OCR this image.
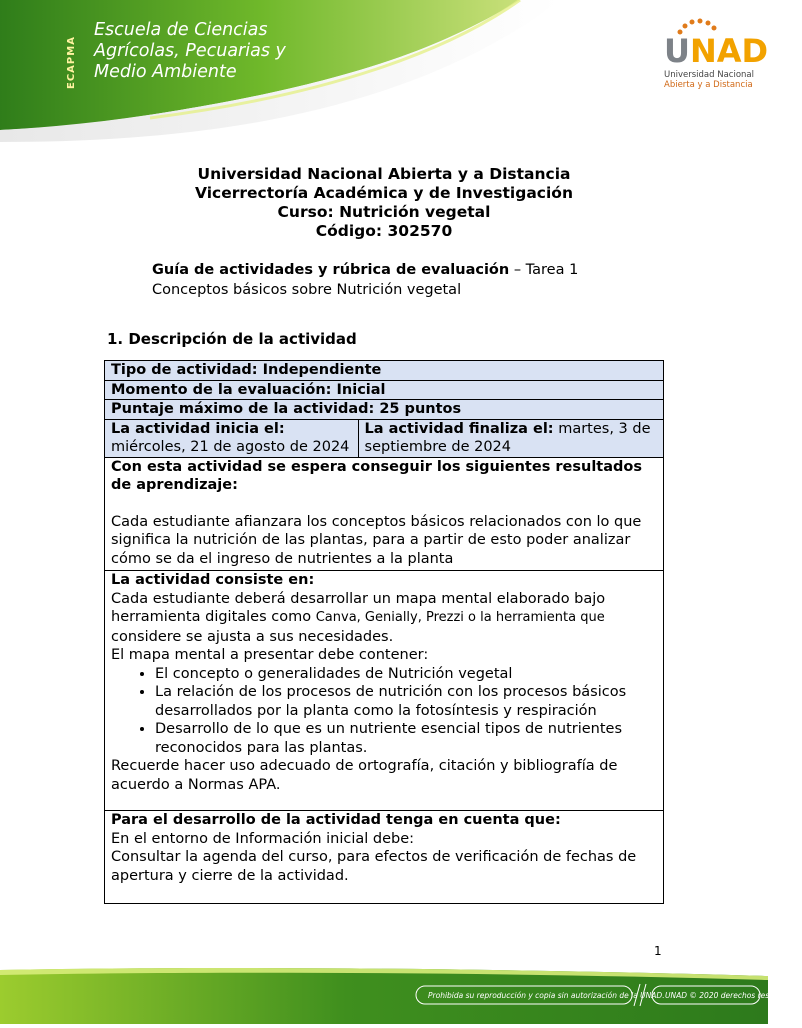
ECAPMA
Escuela de Ciencias
Agrícolas, Pecuarias y
Medio Ambiente
UNAD
Universidad Nacional
Abierta y a Distancia
Universidad Nacional Abierta y a Distancia
Vicerrectoría Académica y de Investigación
Curso: Nutrición vegetal
Código: 302570
Guía de actividades y rúbrica de evaluación – Tarea 1
Conceptos básicos sobre Nutrición vegetal
1. Descripción de la actividad
Tipo de actividad: Independiente
Momento de la evaluación: Inicial
Puntaje máximo de la actividad: 25 puntos

La actividad inicia el:
miércoles, 21 de agosto de 2024
	La actividad finaliza el: martes, 3 de septiembre de 2024

Con esta actividad se espera conseguir los siguientes resultados de aprendizaje:
Cada estudiante afianzara los conceptos básicos relacionados con lo que significa la nutrición de las plantas, para a partir de esto poder analizar cómo se da el ingreso de nutrientes a la planta

La actividad consiste en:
Cada estudiante deberá desarrollar un mapa mental elaborado bajo herramienta digitales como Canva, Genially, Prezzi o la herramienta que
considere se ajusta a sus necesidades.
El mapa mental a presentar debe contener:
• El concepto o generalidades de Nutrición vegetal
• La relación de los procesos de nutrición con los procesos básicos desarrollados por la planta como la fotosíntesis y respiración
• Desarrollo de lo que es un nutriente esencial tipos de nutrientes reconocidos para las plantas.
Recuerde hacer uso adecuado de ortografía, citación y bibliografía de acuerdo a Normas APA.

Para el desarrollo de la actividad tenga en cuenta que:
En el entorno de Información inicial debe:
Consultar la agenda del curso, para efectos de verificación de fechas de apertura y cierre de la actividad.
1
Prohibida su reproducción y copia sin autorización de la UNAD. UNAD © 2020 derechos reservados.
